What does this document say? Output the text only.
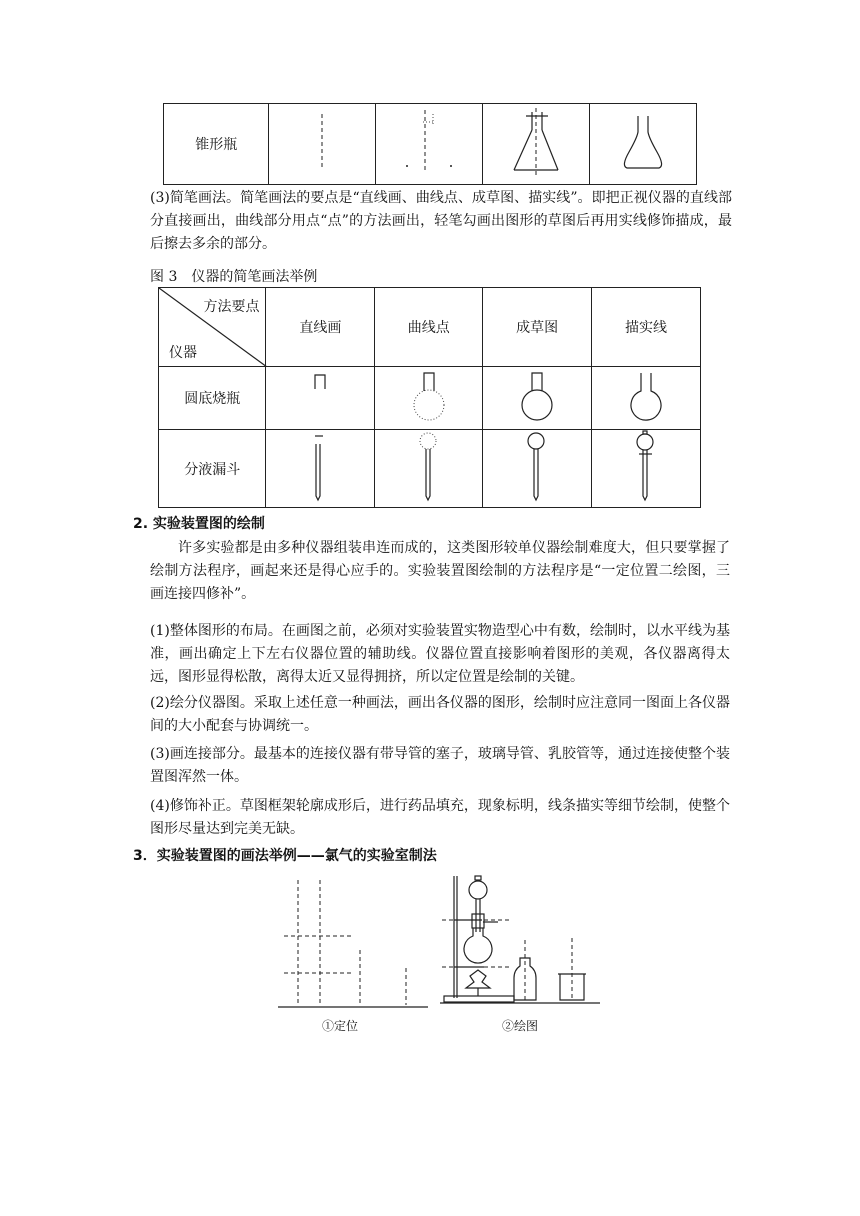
锥形瓶				

(3)简笔画法。简笔画法的要点是“直线画、曲线点、成草图、描实线”。即把正视仪器的直线部分直接画出，曲线部分用点“点”的方法画出，轻笔勾画出图形的草图后再用实线修饰描成，最后擦去多余的部分。

图 3　仪器的简笔画法举例

方法要点
仪器	直线画	曲线点	成草图	描实线
圆底烧瓶				
分液漏斗				

2. 实验装置图的绘制

许多实验都是由多种仪器组装串连而成的，这类图形较单仪器绘制难度大，但只要掌握了绘制方法程序，画起来还是得心应手的。实验装置图绘制的方法程序是“一定位置二绘图，三画连接四修补”。

(1)整体图形的布局。在画图之前，必须对实验装置实物造型心中有数，绘制时，以水平线为基准，画出确定上下左右仪器位置的辅助线。仪器位置直接影响着图形的美观，各仪器离得太远，图形显得松散，离得太近又显得拥挤，所以定位置是绘制的关键。

(2)绘分仪器图。采取上述任意一种画法，画出各仪器的图形，绘制时应注意同一图面上各仪器间的大小配套与协调统一。

(3)画连接部分。最基本的连接仪器有带导管的塞子，玻璃导管、乳胶管等，通过连接使整个装置图浑然一体。

(4)修饰补正。草图框架轮廓成形后，进行药品填充，现象标明，线条描实等细节绘制，使整个图形尽量达到完美无缺。

3．实验装置图的画法举例——氯气的实验室制法

①定位	②绘图
